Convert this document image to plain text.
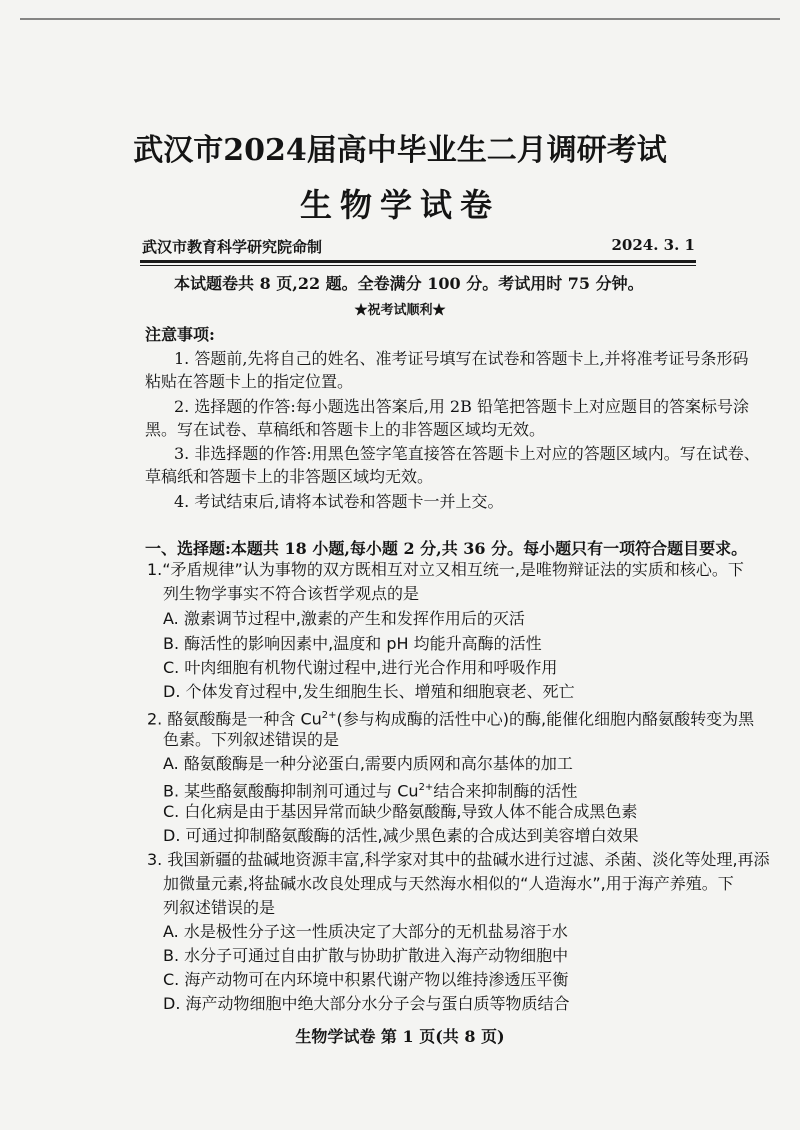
武汉市2024届高中毕业生二月调研考试
生物学试卷
武汉市教育科学研究院命制	2024. 3. 1
本试题卷共 8 页,22 题。全卷满分 100 分。考试用时 75 分钟。
★祝考试顺利★
注意事项:
1. 答题前,先将自己的姓名、准考证号填写在试卷和答题卡上,并将准考证号条形码
粘贴在答题卡上的指定位置。
2. 选择题的作答:每小题选出答案后,用 2B 铅笔把答题卡上对应题目的答案标号涂
黑。写在试卷、草稿纸和答题卡上的非答题区域均无效。
3. 非选择题的作答:用黑色签字笔直接答在答题卡上对应的答题区域内。写在试卷、
草稿纸和答题卡上的非答题区域均无效。
4. 考试结束后,请将本试卷和答题卡一并上交。
一、选择题:本题共 18 小题,每小题 2 分,共 36 分。每小题只有一项符合题目要求。
1.“矛盾规律”认为事物的双方既相互对立又相互统一,是唯物辩证法的实质和核心。下
列生物学事实不符合该哲学观点的是
A. 激素调节过程中,激素的产生和发挥作用后的灭活
B. 酶活性的影响因素中,温度和 pH 均能升高酶的活性
C. 叶肉细胞有机物代谢过程中,进行光合作用和呼吸作用
D. 个体发育过程中,发生细胞生长、增殖和细胞衰老、死亡
2. 酪氨酸酶是一种含 $Cu^{2+}$(参与构成酶的活性中心)的酶,能催化细胞内酪氨酸转变为黑
色素。下列叙述错误的是
A. 酪氨酸酶是一种分泌蛋白,需要内质网和高尔基体的加工
B. 某些酪氨酸酶抑制剂可通过与 $Cu^{2+}$结合来抑制酶的活性
C. 白化病是由于基因异常而缺少酪氨酸酶,导致人体不能合成黑色素
D. 可通过抑制酪氨酸酶的活性,减少黑色素的合成达到美容增白效果
3. 我国新疆的盐碱地资源丰富,科学家对其中的盐碱水进行过滤、杀菌、淡化等处理,再添
加微量元素,将盐碱水改良处理成与天然海水相似的“人造海水”,用于海产养殖。下
列叙述错误的是
A. 水是极性分子这一性质决定了大部分的无机盐易溶于水
B. 水分子可通过自由扩散与协助扩散进入海产动物细胞中
C. 海产动物可在内环境中积累代谢产物以维持渗透压平衡
D. 海产动物细胞中绝大部分水分子会与蛋白质等物质结合
生物学试卷 第 1 页(共 8 页)
